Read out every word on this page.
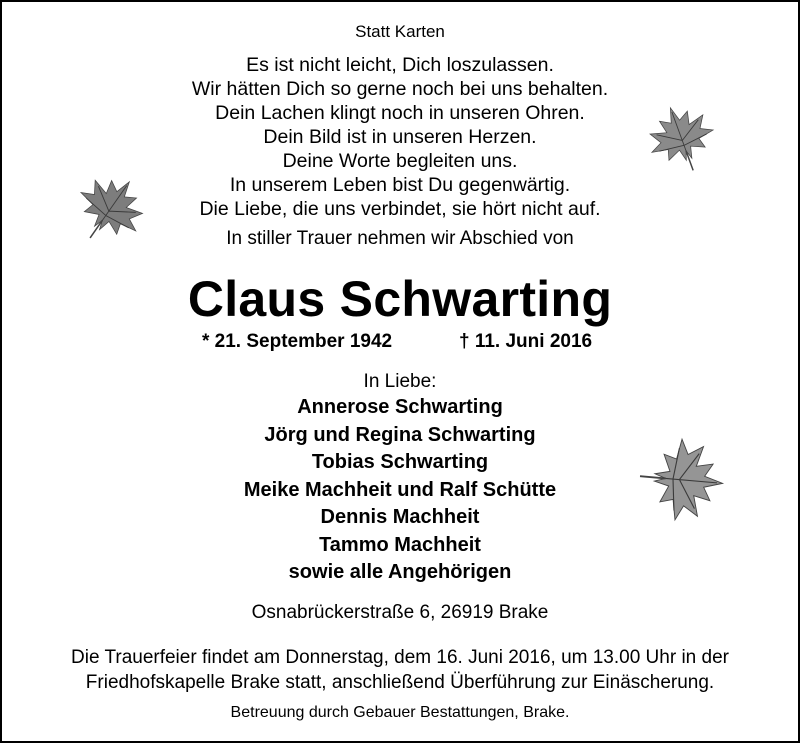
Statt Karten
Es ist nicht leicht, Dich loszulassen.
Wir hätten Dich so gerne noch bei uns behalten.
Dein Lachen klingt noch in unseren Ohren.
Dein Bild ist in unseren Herzen.
Deine Worte begleiten uns.
In unserem Leben bist Du gegenwärtig.
Die Liebe, die uns verbindet, sie hört nicht auf.
In stiller Trauer nehmen wir Abschied von
Claus Schwarting
* 21. September 1942	† 11. Juni 2016
In Liebe:
Annerose Schwarting
Jörg und Regina Schwarting
Tobias Schwarting
Meike Machheit und Ralf Schütte
Dennis Machheit
Tammo Machheit
sowie alle Angehörigen
Osnabrückerstraße 6, 26919 Brake
Die Trauerfeier findet am Donnerstag, dem 16. Juni 2016, um 13.00 Uhr in der
Friedhofskapelle Brake statt, anschließend Überführung zur Einäscherung.
Betreuung durch Gebauer Bestattungen, Brake.
